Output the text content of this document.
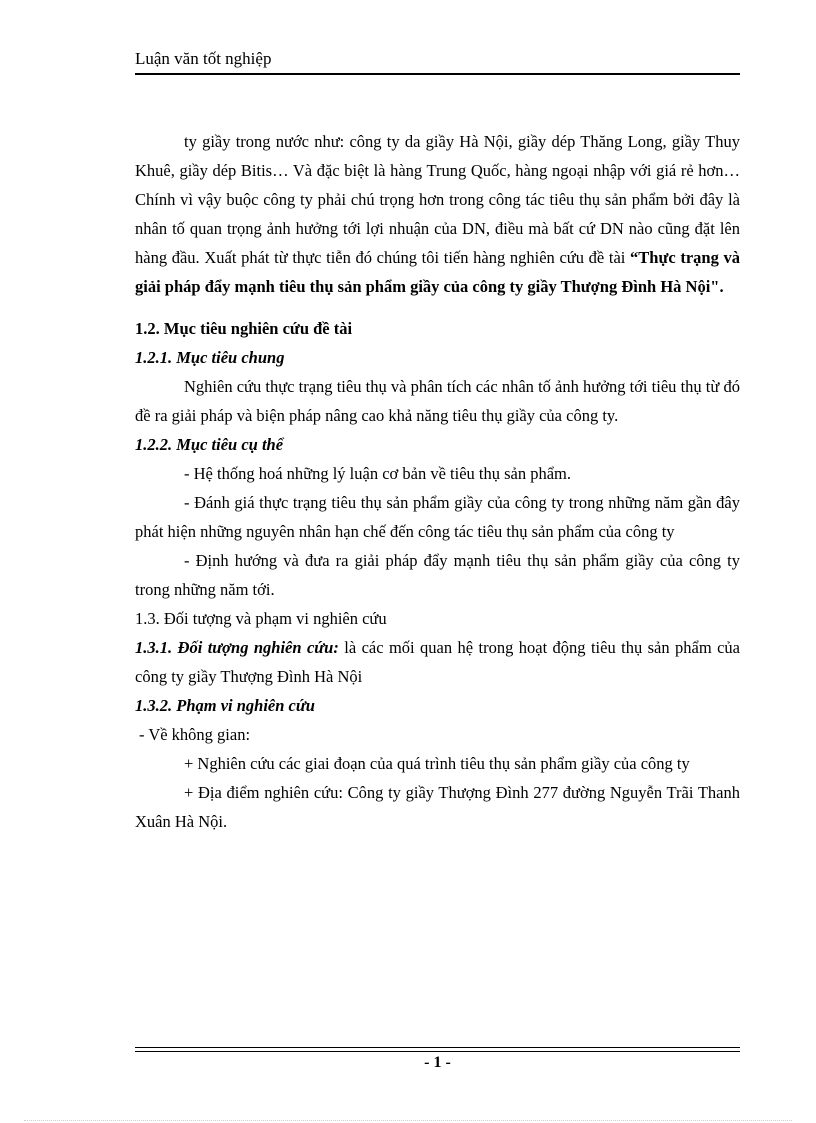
Luận văn tốt nghiệp

ty giầy trong nước như: công ty da giầy Hà Nội, giầy dép Thăng Long, giầy Thuy Khuê, giầy dép Bitis… Và đặc biệt là hàng Trung Quốc, hàng ngoại nhập với giá rẻ hơn… Chính vì vậy buộc công ty phải chú trọng hơn trong công tác tiêu thụ sản phẩm bởi đây là nhân tố quan trọng ảnh hưởng tới lợi nhuận của DN, điều mà bất cứ DN nào cũng đặt lên hàng đầu. Xuất phát từ thực tiễn đó chúng tôi tiến hàng nghiên cứu đề tài “Thực trạng và giải pháp đẩy mạnh tiêu thụ sản phẩm giầy của công ty giầy Thượng Đình Hà Nội".

1.2. Mục tiêu nghiên cứu đề tài

1.2.1. Mục tiêu chung

Nghiên cứu thực trạng tiêu thụ và phân tích các nhân tố ảnh hưởng tới tiêu thụ từ đó đề ra giải pháp và biện pháp nâng cao khả năng tiêu thụ giầy của công ty.

1.2.2. Mục tiêu cụ thể

- Hệ thống hoá những lý luận cơ bản về tiêu thụ sản phẩm.

- Đánh giá thực trạng tiêu thụ sản phẩm giầy của công ty trong những năm gần đây phát hiện những nguyên nhân hạn chế đến công tác tiêu thụ sản phẩm của công ty

- Định hướng và đưa ra giải pháp đẩy mạnh tiêu thụ sản phẩm giầy của công ty trong những năm tới.

1.3. Đối tượng và phạm vi nghiên cứu

1.3.1. Đối tượng nghiên cứu: là các mối quan hệ trong hoạt động tiêu thụ sản phẩm của công ty giầy Thượng Đình Hà Nội

1.3.2. Phạm vi nghiên cứu

- Về không gian:

+ Nghiên cứu các giai đoạn của quá trình tiêu thụ sản phẩm giầy của công ty

+ Địa điểm nghiên cứu: Công ty giầy Thượng Đình 277 đường Nguyễn Trãi Thanh Xuân Hà Nội.

- 1 -
